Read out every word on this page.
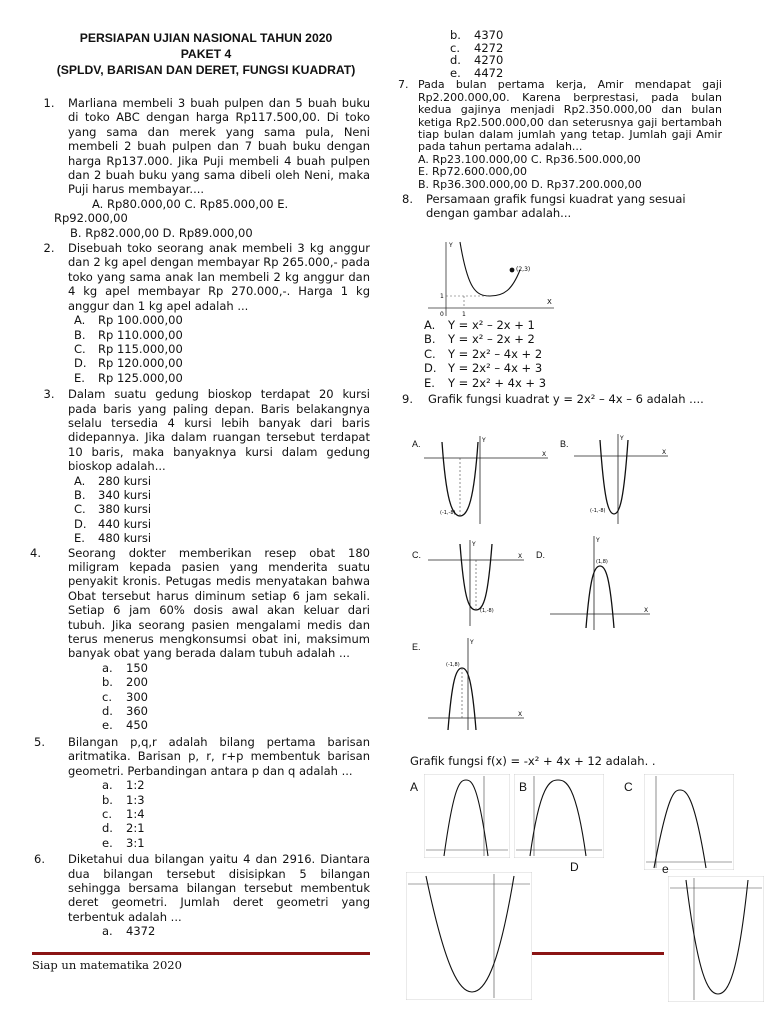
PERSIAPAN UJIAN NASIONAL TAHUN 2020
PAKET 4
(SPLDV, BARISAN DAN DERET, FUNGSI KUADRAT)
1.	Marliana membeli 3 buah pulpen dan 5 buah buku di toko ABC dengan harga Rp117.500,00. Di toko yang sama dan merek yang sama pula, Neni membeli 2 buah pulpen dan 7 buah buku dengan harga Rp137.000. Jika Puji membeli 4 buah pulpen dan 2 buah buku yang sama dibeli oleh Neni, maka Puji harus membayar....

A. Rp80.000,00 C. Rp85.000,00 E.
Rp92.000,00
B. Rp82.000,00 D. Rp89.000,00
2.	Disebuah toko seorang anak membeli 3 kg anggur dan 2 kg apel dengan membayar Rp 265.000,- pada toko yang sama anak lan membeli 2 kg anggur dan 4 kg apel membayar Rp 270.000,-. Harga 1 kg anggur dan 1 kg apel adalah ...

A.	Rp 100.000,00
B.	Rp 110.000,00
C.	Rp 115.000,00
D. Rp 120.000,00
E.	Rp 125.000,00
3.	Dalam suatu gedung bioskop terdapat 20 kursi pada baris yang paling depan. Baris belakangnya selalu tersedia 4 kursi lebih banyak dari baris didepannya. Jika dalam ruangan tersebut terdapat 10 baris, maka banyaknya kursi dalam gedung bioskop adalah...

A.	280 kursi
B.	340 kursi
C.	380 kursi
D. 440 kursi
E.	480 kursi
4.	Seorang dokter memberikan resep obat 180 miligram kepada pasien yang menderita suatu penyakit kronis. Petugas medis menyatakan bahwa Obat tersebut harus diminum setiap 6 jam sekali. Setiap 6 jam 60% dosis awal akan keluar dari tubuh. Jika seorang pasien mengalami medis dan terus menerus mengkonsumsi obat ini, maksimum banyak obat yang berada dalam tubuh adalah ...

a.	150
b.	200
c.	300
d.	360
e.	450
5.	Bilangan p,q,r adalah bilang pertama barisan aritmatika. Barisan p, r, r+p membentuk barisan geometri. Perbandingan antara p dan q adalah ...

a.	1:2
b.	1:3
c.	1:4
d.	2:1
e.	3:1
6.	Diketahui dua bilangan yaitu 4 dan 2916. Diantara dua bilangan tersebut disisipkan 5 bilangan sehingga bersama bilangan tersebut membentuk deret geometri. Jumlah deret geometri yang terbentuk adalah ...

a.	4372
Siap un matematika 2020
b.	4370
c.	4272
d.	4270
e.	4472
7. Pada bulan pertama kerja, Amir mendapat gaji Rp2.200.000,00. Karena berprestasi, pada bulan kedua gajinya menjadi Rp2.350.000,00 dan bulan ketiga Rp2.500.000,00 dan seterusnya gaji bertambah tiap bulan dalam jumlah yang tetap. Jumlah gaji Amir pada tahun pertama adalah...

A. Rp23.100.000,00 C. Rp36.500.000,00
E. Rp72.600.000,00
B. Rp36.300.000,00 D. Rp37.200.000,00
8.	Persamaan grafik fungsi kuadrat yang sesuai dengan gambar adalah...

Y
X
(2,3)
1
0	1
A.	Y = x² – 2x + 1
B.	Y = x² – 2x + 2
C.	Y = 2x² – 4x + 2
D. Y = 2x² – 4x + 3
E.	Y = 2x² + 4x + 3
9.	Grafik fungsi kuadrat y = 2x² – 4x – 6 adalah ....

A.
(-1,-8)
X
Y	B.
(-1,-8)
X
Y
C.
(1,-8)
X
Y
D.
(1,8)
X
Y
E.
(-1,8)
X
Y
Grafik fungsi f(x) = -x² + 4x + 12 adalah. .
A	B	C
D	e
